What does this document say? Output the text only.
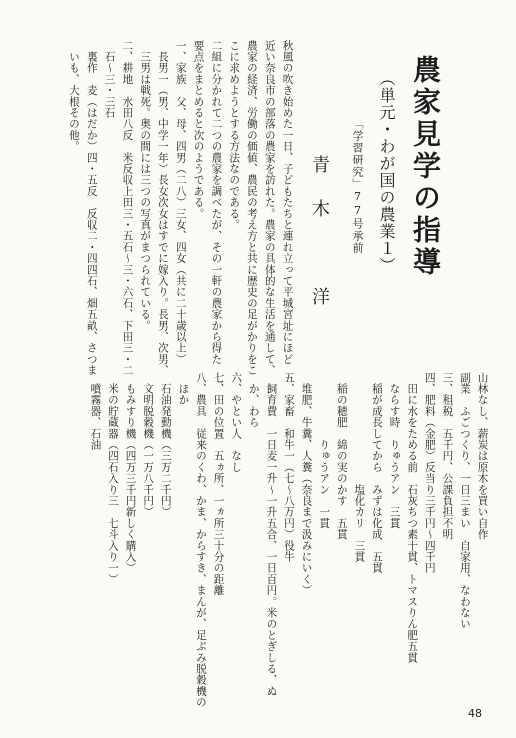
農家見学の指導
（単元・わが国の農業１）
「学習研究」77号承前
青木　洋
秋風の吹き始めた一日、子どもたちと連れ立って平城宮址にほど
近い奈良市の部落の農家を訪れた。農家の具体的な生活を通して、
農家の経済、労働の価値、農民の考え方と共に歴史の足がかりをこ
こに求めようとする方法なのである。
二組に分かれて二つの農家を調べたが、その一軒の農家から得た
要点をまとめると次のようである。
一、家族　父、母、四男（二八）三女、四女（共に二十歳以上）
　長男一（男、中学一年）長女次女はすでに嫁入り。長男、次男、
　三男は戦死。奥の間には三つの写真がまつられている。
二、耕地　水田八反　米反収上田三・五石～三・六石、下田三・二
　石～三・三石
　裏作　麦（はだか）四・五反　反収二・四四石、畑五畝、さつま
　いも、大根その他。
山林なし、薪炭は原木を買い自作
副業　ふごつくり、一日三まい　自家用、なわない
三、租税　五千円、公課負担不明
四、肥料（金肥）反当り三千円～四千円
　田に水をためる前　石灰ちつ素十貫、トマスりん肥五貫
　ならす時　りゅうアン　三貫
　稲が成長してから　みずは化成　五貫
　　　　　　　　　　塩化カリ　三貫
　稲の穂肥　綿の実のかす　五貫
　　　　　　りゅうアン　一貫
　堆肥、牛糞、人糞（奈良まで汲みにいく）
五、家畜　和牛一（七～八万円）役牛
　飼育費　一日麦一升～一升五合、一日百円。米のとぎしる、ぬ
　か、わら
六、やとい人　なし
七、田の位置　五ヵ所、一ヵ所三十分の距離
八、農具　従来のくわ、かま、からすき、まんが、足ぶみ脱穀機の
　ほか
　石油発動機（三万二千円）
　文明脱穀機（一万八千円）
　もみすり機（四万三千円新しく購入）
　米の貯蔵器（四石入り三　七斗入り一）
　噴霧器、石油
48
